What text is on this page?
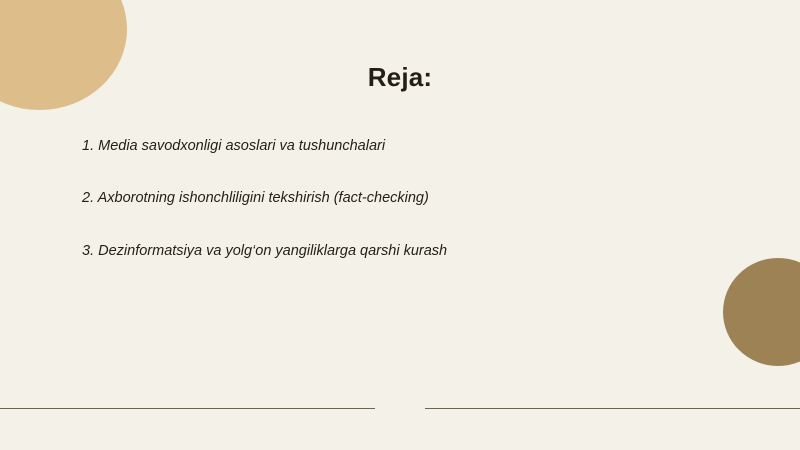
Reja:
1. Media savodxonligi asoslari va tushunchalari
2. Axborotning ishonchliligini tekshirish (fact-checking)
3. Dezinformatsiya va yolg‘on yangiliklarga qarshi kurash
